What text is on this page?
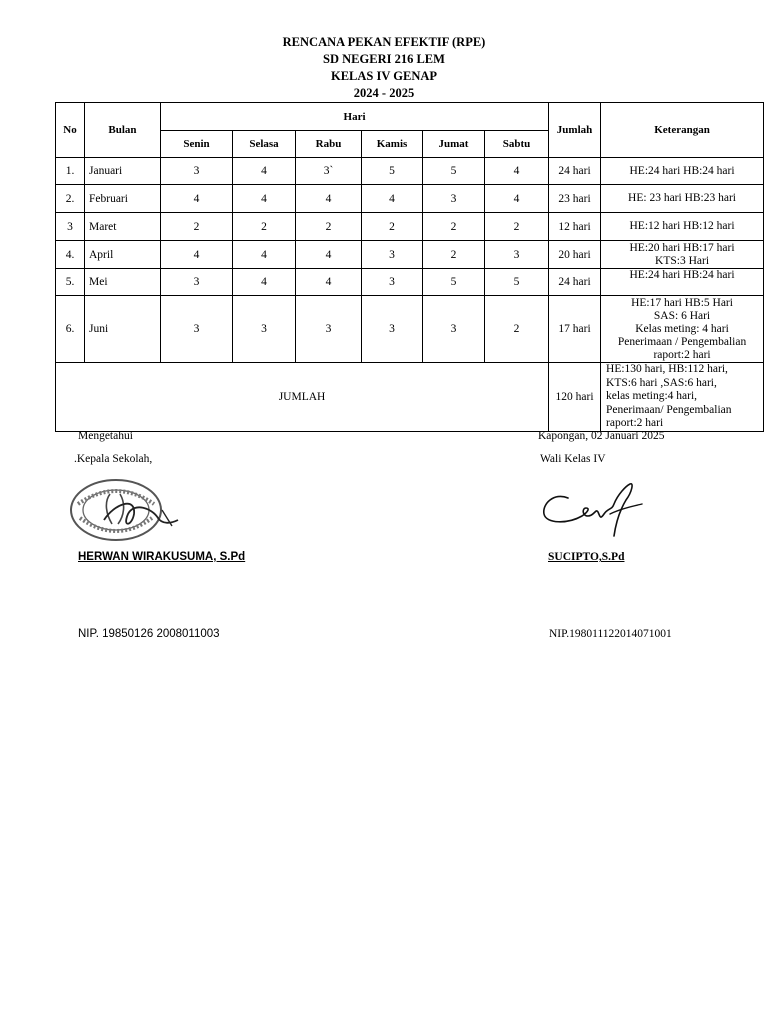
RENCANA PEKAN EFEKTIF (RPE)
SD NEGERI 216 LEM
KELAS IV GENAP
2024 - 2025
No	Bulan	Hari						Jumlah	Keterangan
		Senin	Selasa	Rabu	Kamis	Jumat	Sabtu		
1.	Januari	3	4	3`	5	5	4	24 hari	HE:24 hari HB:24 hari

2.	Februari	4	4	4	4	3	4	23 hari	HE: 23 hari HB:23 hari

3	Maret	2	2	2	2	2	2	12 hari	HE:12 hari HB:12 hari

4.	April	4	4	4	3	2	3	20 hari	HE:20 hari HB:17 hari
KTS:3 Hari

5.	Mei	3	4	4	3	5	5	24 hari	HE:24 hari HB:24 hari

6.	Juni	3	3	3	3	3	2	17 hari	HE:17 hari HB:5 Hari
SAS: 6 Hari
Kelas meting: 4 hari
Penerimaan / Pengembalian
raport:2 hari

JUMLAH								120 hari	HE:130 hari, HB:112 hari,
KTS:6 hari ,SAS:6 hari,
kelas meting:4 hari,
Penerimaan/ Pengembalian
raport:2 hari
Mengetahui
.Kepala Sekolah,
HERWAN WIRAKUSUMA, S.Pd
NIP. 19850126 2008011003
Kapongan, 02 Januari 2025
Wali Kelas IV
SUCIPTO,S.Pd
NIP.198011122014071001
